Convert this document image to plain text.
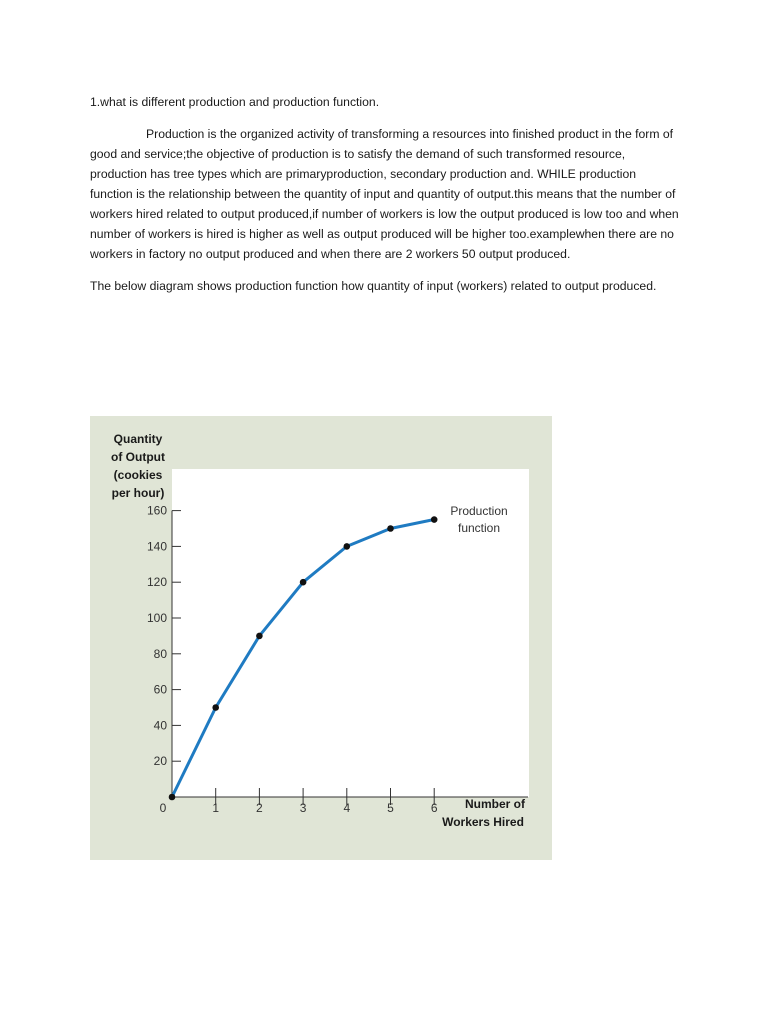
1.what is different production and production function.

Production is the organized activity of transforming a resources into finished product in the form of good and service;the objective of production is to satisfy the demand of such transformed resource, production has tree types which are primaryproduction, secondary production and. WHILE production function is the relationship between the quantity of input and quantity of output.this means that the number of workers hired related to output produced,if number of workers is low the output produced is low too and when number of workers is hired is higher as well as output produced will be higher too.examplewhen there are no workers in factory no output produced and when there are 2 workers 50 output produced.

The below diagram shows production function how quantity of input (workers) related to output produced.

Quantity
of Output
(cookies
per hour)
20
40
60
80
100
120
140
160
0	1	2	3	4	5	6
Production
function
Number of
Workers Hired
